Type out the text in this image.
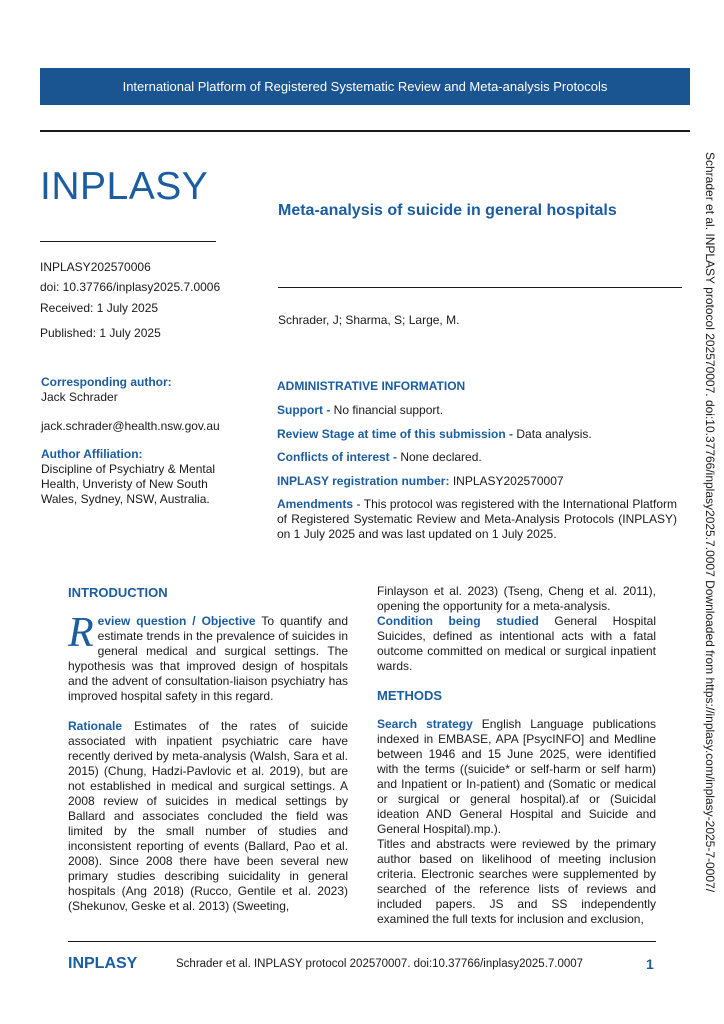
International Platform of Registered Systematic Review and Meta-analysis Protocols
INPLASY
Meta-analysis of suicide in general hospitals
INPLASY202570006
doi: 10.37766/inplasy2025.7.0006
Received: 1 July 2025
Published: 1 July 2025
Schrader, J; Sharma, S; Large, M.
Corresponding author:
Jack Schrader
jack.schrader@health.nsw.gov.au
Author Affiliation:
Discipline of Psychiatry & Mental Health, Unveristy of New South Wales, Sydney, NSW, Australia.
ADMINISTRATIVE INFORMATION
Support - No financial support.
Review Stage at time of this submission - Data analysis.
Conflicts of interest - None declared.
INPLASY registration number: INPLASY202570007
Amendments - This protocol was registered with the International Platform of Registered Systematic Review and Meta-Analysis Protocols (INPLASY) on 1 July 2025 and was last updated on 1 July 2025.	Schrader et al. INPLASY protocol 202570007. doi:10.37766/inplasy2025.7.0007 Downloaded from https://inplasy.com/inplasy-2025-7-0007/
INTRODUCTION

Review question / Objective To quantify and estimate trends in the prevalence of suicides in general medical and surgical settings. The hypothesis was that improved design of hospitals and the advent of consultation-liaison psychiatry has improved hospital safety in this regard.

Rationale Estimates of the rates of suicide associated with inpatient psychiatric care have recently derived by meta-analysis (Walsh, Sara et al. 2015) (Chung, Hadzi-Pavlovic et al. 2019), but are not established in medical and surgical settings. A 2008 review of suicides in medical settings by Ballard and associates concluded the field was limited by the small number of studies and inconsistent reporting of events (Ballard, Pao et al. 2008). Since 2008 there have been several new primary studies describing suicidality in general hospitals (Ang 2018) (Rucco, Gentile et al. 2023) (Shekunov, Geske et al. 2013) (Sweeting,

Finlayson et al. 2023) (Tseng, Cheng et al. 2011), opening the opportunity for a meta-analysis.

Condition being studied General Hospital Suicides, defined as intentional acts with a fatal outcome committed on medical or surgical inpatient wards.

METHODS

Search strategy English Language publications indexed in EMBASE, APA [PsycINFO] and Medline between 1946 and 15 June 2025, were identified with the terms ((suicide* or self-harm or self harm) and Inpatient or In-patient) and (Somatic or medical or surgical or general hospital).af or (Suicidal ideation AND General Hospital and Suicide and General Hospital).mp.).

Titles and abstracts were reviewed by the primary author based on likelihood of meeting inclusion criteria. Electronic searches were supplemented by searched of the reference lists of reviews and included papers. JS and SS independently examined the full texts for inclusion and exclusion,

INPLASY	Schrader et al. INPLASY protocol 202570007. doi:10.37766/inplasy2025.7.0007	1
